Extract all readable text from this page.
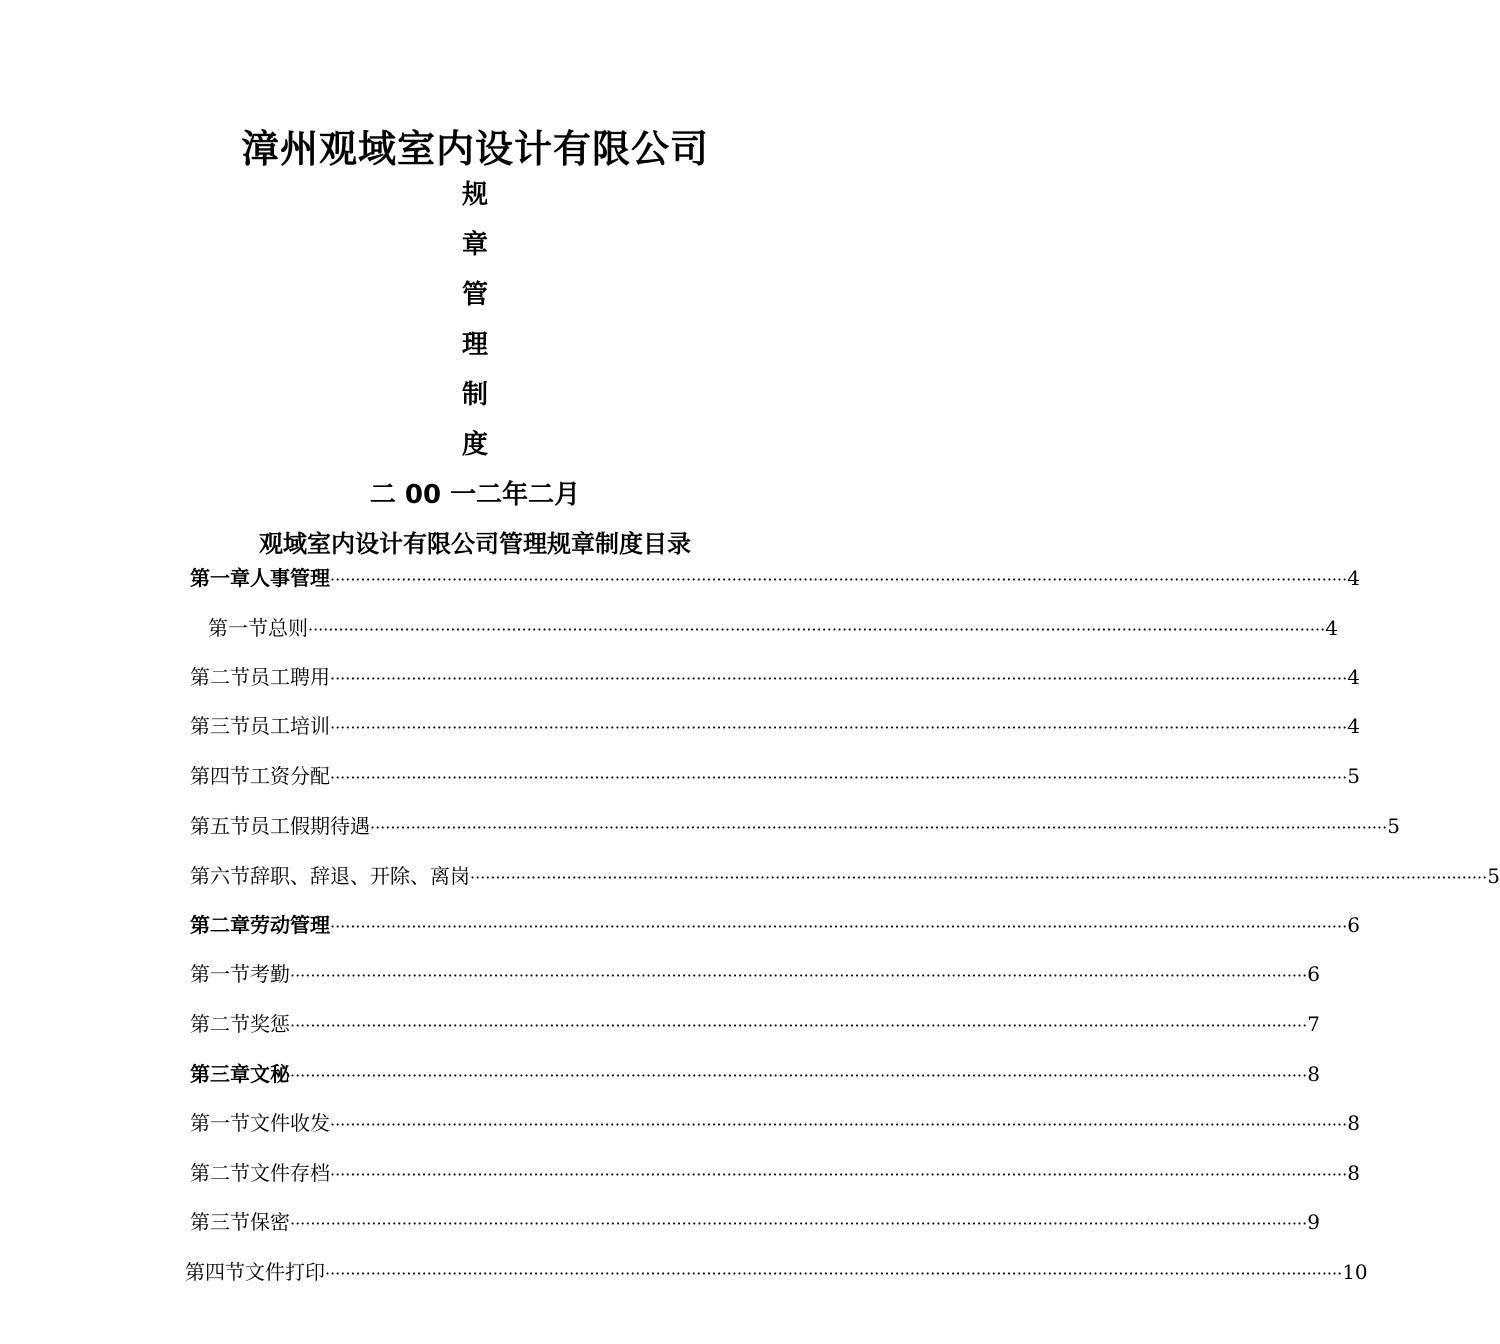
漳州观域室内设计有限公司
规
章
管
理
制
度
二 00 一二年二月
观域室内设计有限公司管理规章制度目录
第一章 人事管理 ········································································································································································································ 4
第一节 总则 ········································································································································································································ 4
第二节 员工聘用 ········································································································································································································ 4
第三节 员工培训 ········································································································································································································ 4
第四节 工资分配 ········································································································································································································ 5
第五节 员工假期待遇 ········································································································································································································ 5
第六节 辞职、辞退、开除、离岗 ········································································································································································································ 5
第二章 劳动管理 ········································································································································································································ 6
第一节 考勤 ········································································································································································································ 6
第二节 奖惩 ········································································································································································································ 7
第三章 文秘 ········································································································································································································ 8
第一节 文件收发 ········································································································································································································ 8
第二节 文件存档 ········································································································································································································ 8
第三节 保密 ········································································································································································································ 9
第四节 文件打印 ········································································································································································································ 10
